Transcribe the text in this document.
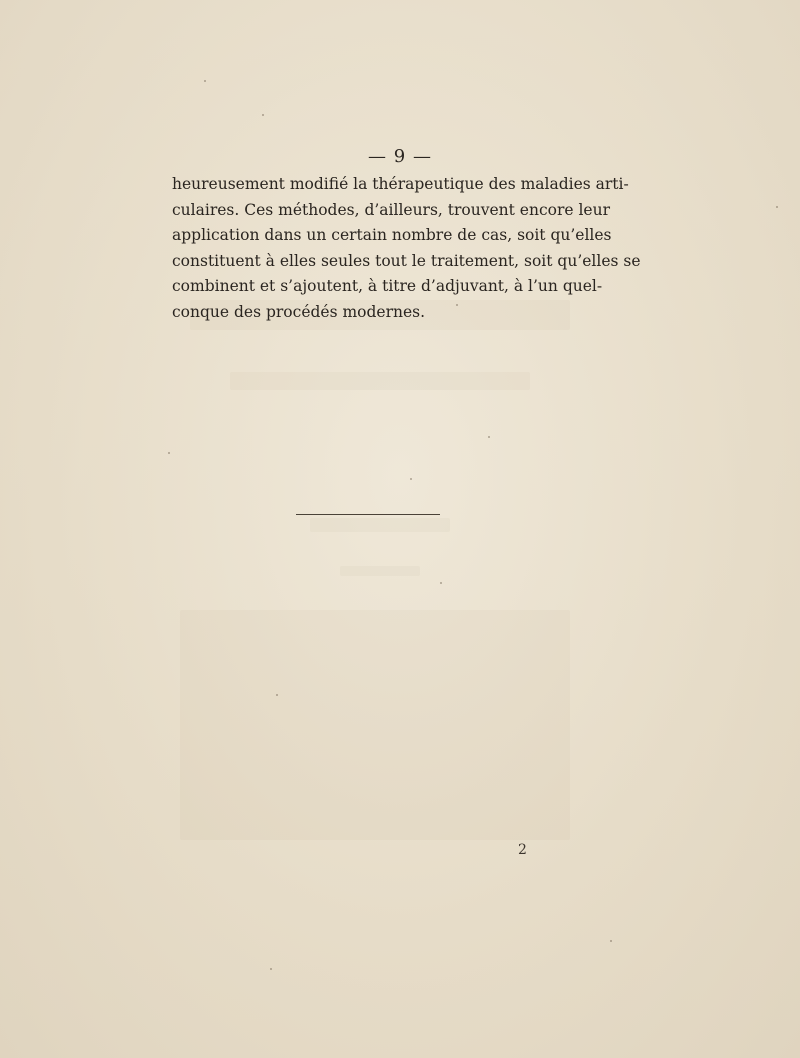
— 9 —
heureusement modifié la thérapeutique des maladies arti-
culaires. Ces méthodes, d’ailleurs, trouvent encore leur
application dans un certain nombre de cas, soit qu’elles
constituent à elles seules tout le traitement, soit qu’elles se
combinent et s’ajoutent, à titre d’adjuvant, à l’un quel-
conque des procédés modernes.
2
